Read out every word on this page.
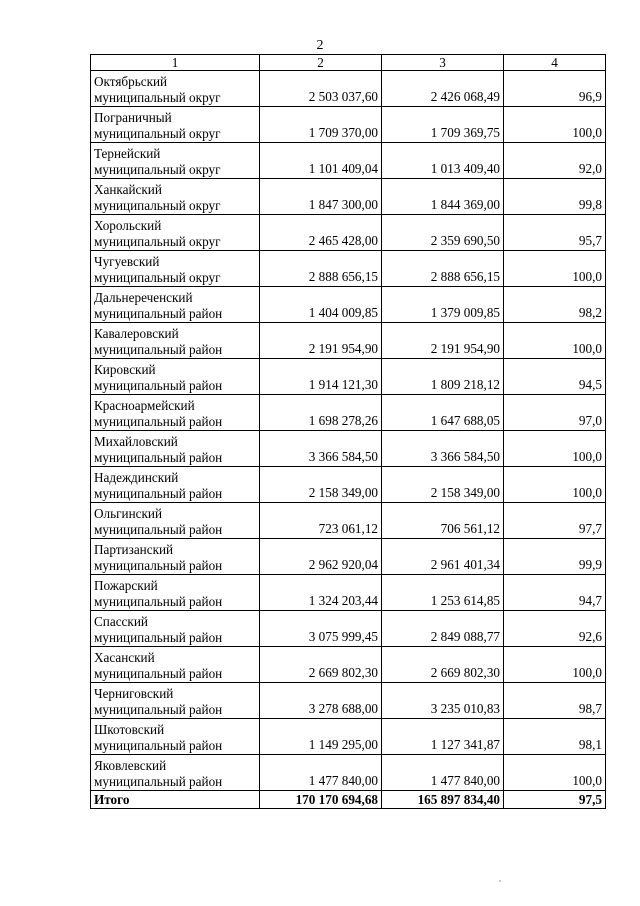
2
1	2	3	4

Октябрьский
муниципальный округ	2 503 037,60	2 426 068,49	96,9

Пограничный
муниципальный округ	1 709 370,00	1 709 369,75	100,0

Тернейский
муниципальный округ	1 101 409,04	1 013 409,40	92,0

Ханкайский
муниципальный округ	1 847 300,00	1 844 369,00	99,8

Хорольский
муниципальный округ	2 465 428,00	2 359 690,50	95,7

Чугуевский
муниципальный округ	2 888 656,15	2 888 656,15	100,0

Дальнереченский
муниципальный район	1 404 009,85	1 379 009,85	98,2

Кавалеровский
муниципальный район	2 191 954,90	2 191 954,90	100,0

Кировский
муниципальный район	1 914 121,30	1 809 218,12	94,5

Красноармейский
муниципальный район	1 698 278,26	1 647 688,05	97,0

Михайловский
муниципальный район	3 366 584,50	3 366 584,50	100,0

Надеждинский
муниципальный район	2 158 349,00	2 158 349,00	100,0

Ольгинский
муниципальный район	723 061,12	706 561,12	97,7

Партизанский
муниципальный район	2 962 920,04	2 961 401,34	99,9

Пожарский
муниципальный район	1 324 203,44	1 253 614,85	94,7

Спасский
муниципальный район	3 075 999,45	2 849 088,77	92,6

Хасанский
муниципальный район	2 669 802,30	2 669 802,30	100,0

Черниговский
муниципальный район	3 278 688,00	3 235 010,83	98,7

Шкотовский
муниципальный район	1 149 295,00	1 127 341,87	98,1

Яковлевский
муниципальный район	1 477 840,00	1 477 840,00	100,0
Итого	170 170 694,68	165 897 834,40	97,5
